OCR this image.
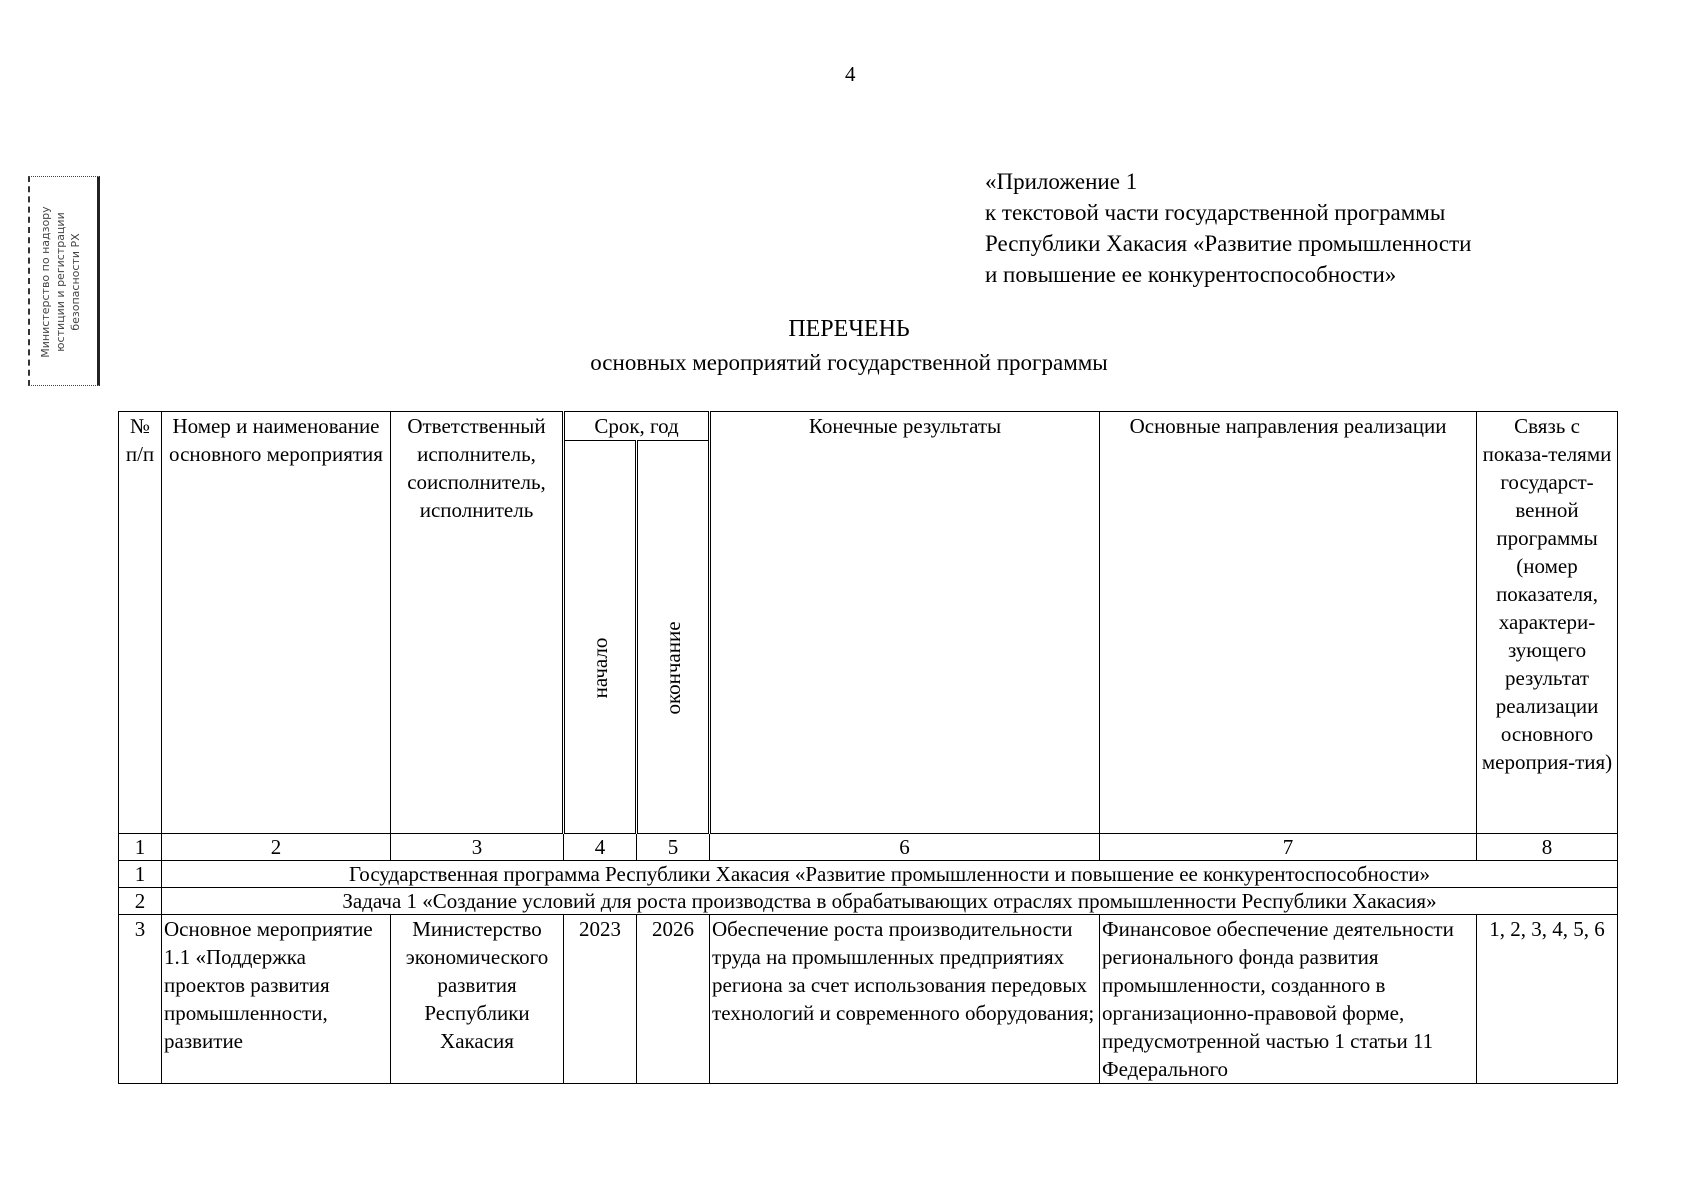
4
Министерство по надзору юстиции и регистрации безопасности РХ
«Приложение 1
к текстовой части государственной программы
Республики Хакасия «Развитие промышленности
и повышение ее конкурентоспособности»
ПЕРЕЧЕНЬ
основных мероприятий государственной программы
№ п/п	Номер и наименование основного мероприятия	Ответственный исполнитель, соисполнитель, исполнитель	Срок, год		Конечные результаты	Основные направления реализации	Связь с показа-телями государст-венной программы (номер показателя, характери-зующего результат реализации основного мероприя-тия)

			начало	окончание			

1	2	3	4	5	6	7	8
1	Государственная программа Республики Хакасия «Развитие промышленности и повышение ее конкурентоспособности»						
2	Задача 1 «Создание условий для роста производства в обрабатывающих отраслях промышленности Республики Хакасия»						
3	Основное мероприятие 1.1 «Поддержка проектов развития промышленности, развитие	Министерство экономического развития Республики Хакасия	2023	2026	Обеспечение роста производительности труда на промышленных предприятиях региона за счет использования передовых технологий и современного оборудования;	Финансовое обеспечение деятельности регионального фонда развития промышленности, созданного в организационно-правовой форме, предусмотренной частью 1 статьи 11 Федерального	1, 2, 3, 4, 5, 6
